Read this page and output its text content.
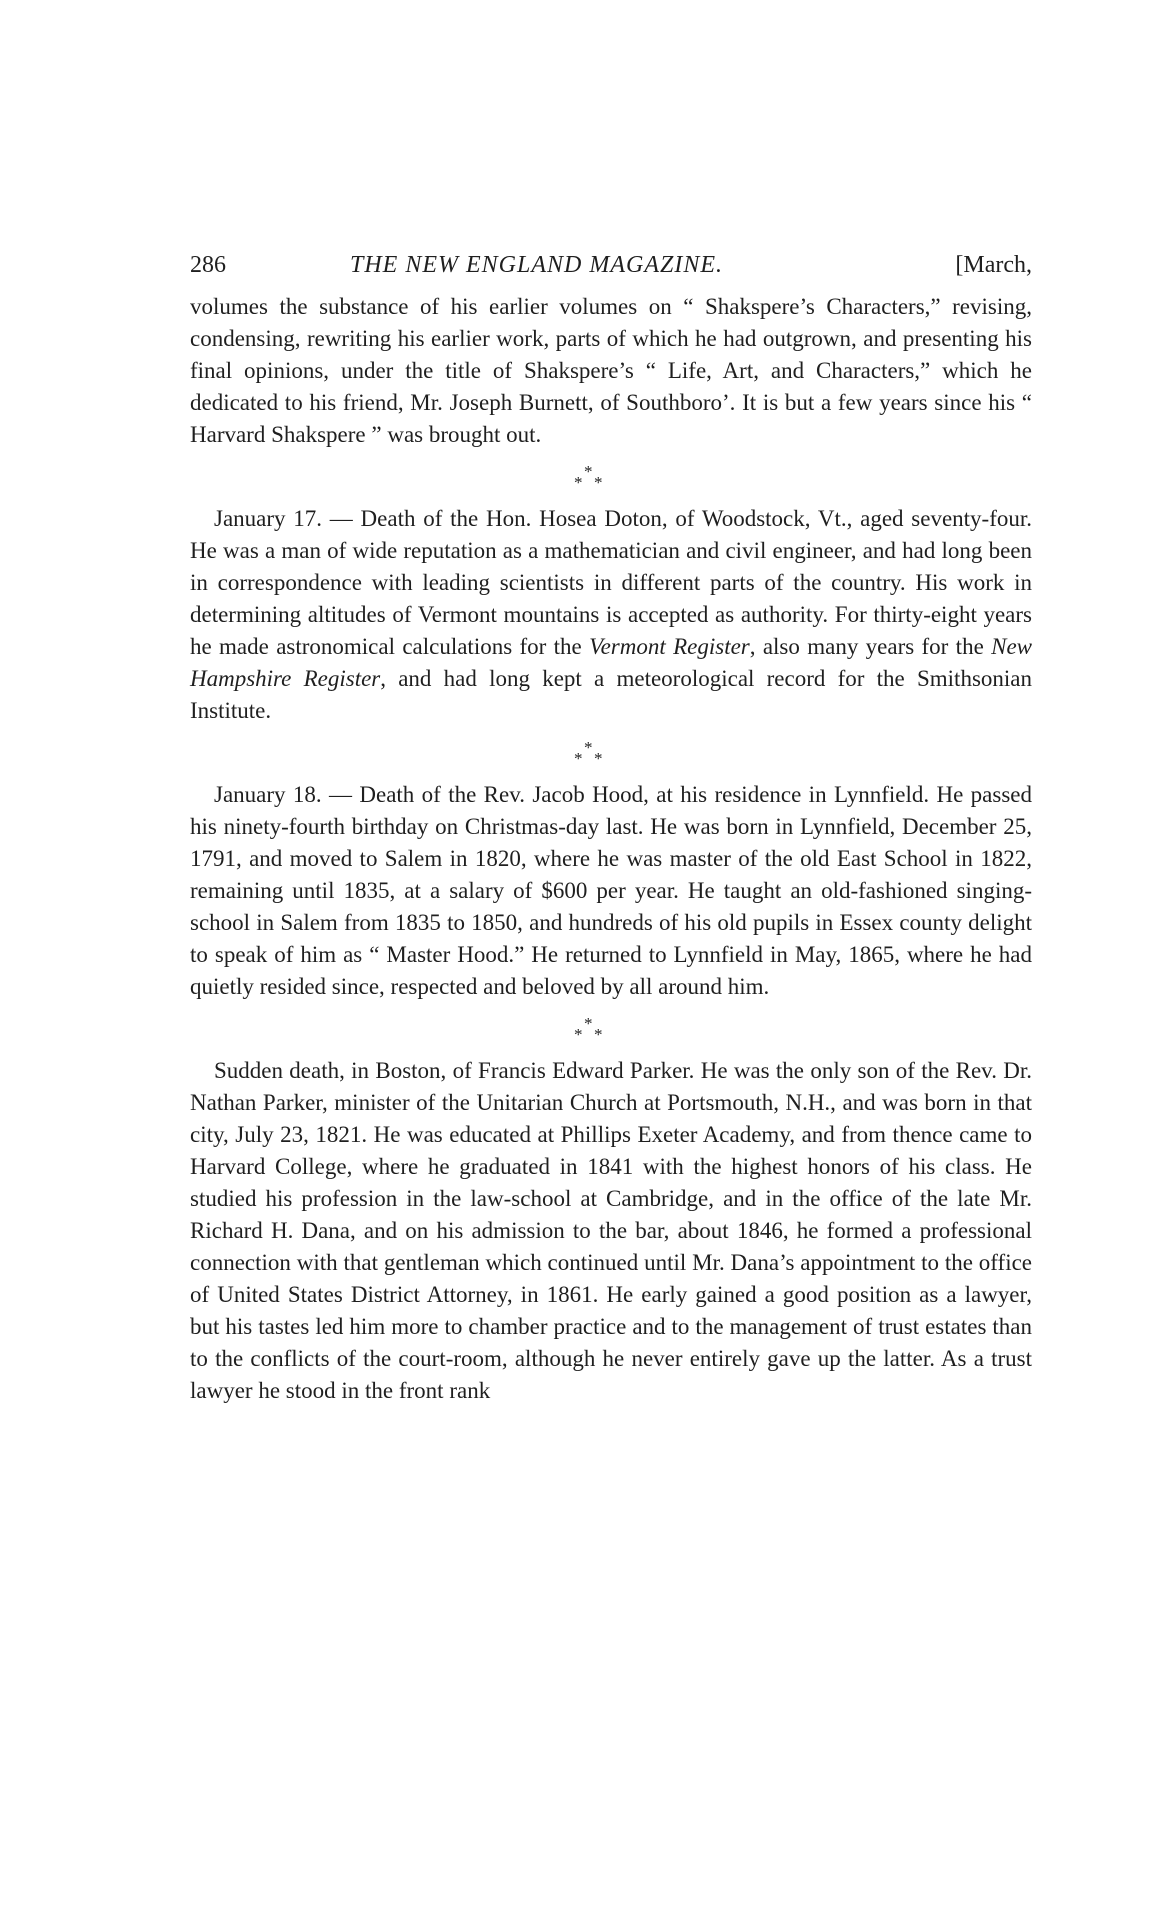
286	THE NEW ENGLAND MAGAZINE.	[March,

volumes the substance of his earlier volumes on “ Shakspere’s Characters,” revising, condensing, rewriting his earlier work, parts of which he had outgrown, and presenting his final opinions, under the title of Shakspere’s “ Life, Art, and Characters,” which he dedicated to his friend, Mr. Joseph Burnett, of Southboro’. It is but a few years since his “ Harvard Shakspere ” was brought out.

*
* *

January 17. — Death of the Hon. Hosea Doton, of Woodstock, Vt., aged seventy-four. He was a man of wide reputation as a mathematician and civil engineer, and had long been in correspondence with leading scientists in different parts of the country. His work in determining altitudes of Vermont mountains is accepted as authority. For thirty-eight years he made astronomical calculations for the Vermont Register, also many years for the New Hampshire Register, and had long kept a meteorological record for the Smithsonian Institute.

*
* *

January 18. — Death of the Rev. Jacob Hood, at his residence in Lynnfield. He passed his ninety-fourth birthday on Christmas-day last. He was born in Lynnfield, December 25, 1791, and moved to Salem in 1820, where he was master of the old East School in 1822, remaining until 1835, at a salary of $600 per year. He taught an old-fashioned singing-school in Salem from 1835 to 1850, and hundreds of his old pupils in Essex county delight to speak of him as “ Master Hood.” He returned to Lynnfield in May, 1865, where he had quietly resided since, respected and beloved by all around him.

*
* *

Sudden death, in Boston, of Francis Edward Parker. He was the only son of the Rev. Dr. Nathan Parker, minister of the Unitarian Church at Portsmouth, N.H., and was born in that city, July 23, 1821. He was educated at Phillips Exeter Academy, and from thence came to Harvard College, where he graduated in 1841 with the highest honors of his class. He studied his profession in the law-school at Cambridge, and in the office of the late Mr. Richard H. Dana, and on his admission to the bar, about 1846, he formed a professional connection with that gentleman which continued until Mr. Dana’s appointment to the office of United States District Attorney, in 1861. He early gained a good position as a lawyer, but his tastes led him more to chamber practice and to the management of trust estates than to the conflicts of the court-room, although he never entirely gave up the latter. As a trust lawyer he stood in the front rank
